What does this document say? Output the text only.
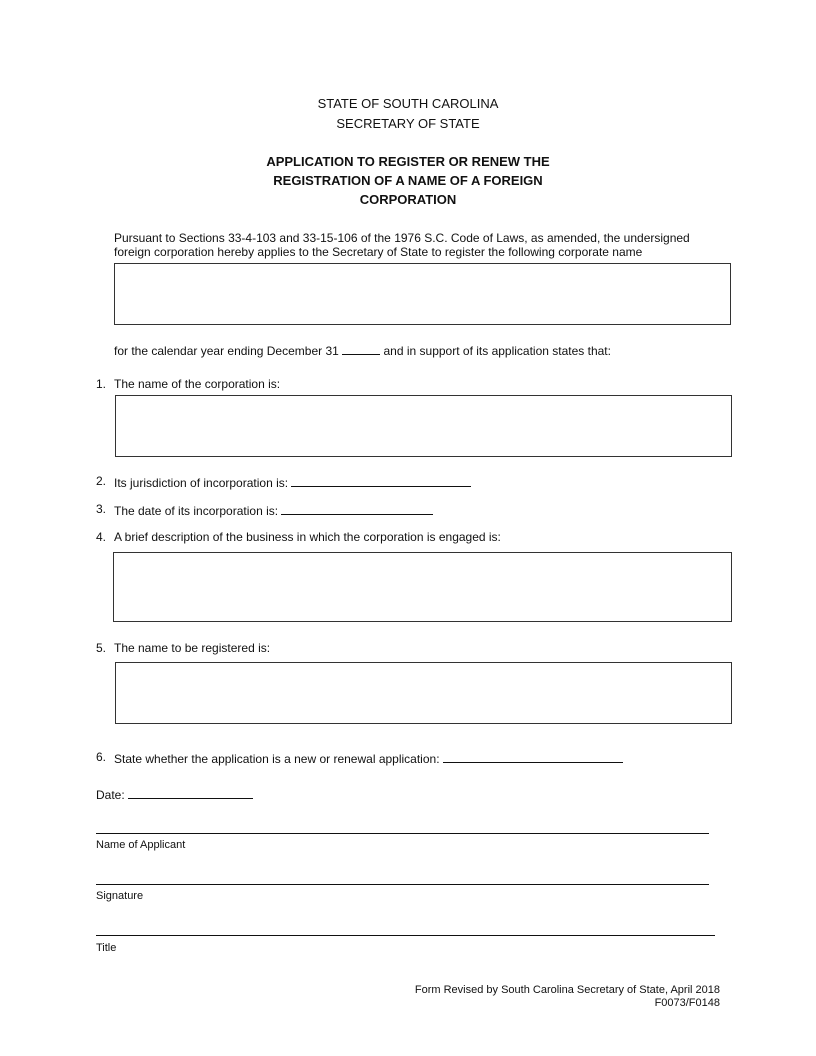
STATE OF SOUTH CAROLINA
SECRETARY OF STATE
APPLICATION TO REGISTER OR RENEW THE
REGISTRATION OF A NAME OF A FOREIGN
CORPORATION
Pursuant to Sections 33-4-103 and 33-15-106 of the 1976 S.C. Code of Laws, as amended, the undersigned
foreign corporation hereby applies to the Secretary of State to register the following corporate name
for the calendar year ending December 31	and in support of its application states that:
1. The name of the corporation is:
2. Its jurisdiction of incorporation is:
3. The date of its incorporation is:
4. A brief description of the business in which the corporation is engaged is:
5. The name to be registered is:
6. State whether the application is a new or renewal application:
Date:
Name of Applicant
Signature
Title
Form Revised by South Carolina Secretary of State, April 2018
F0073/F0148
